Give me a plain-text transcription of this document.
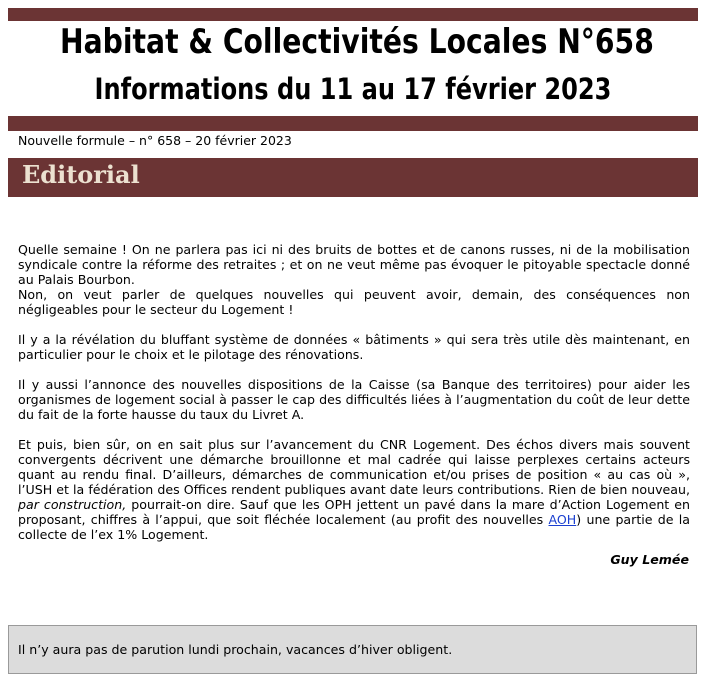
Habitat & Collectivités Locales N°658
Informations du 11 au 17 février 2023
Nouvelle formule – n° 658 – 20 février 2023
Editorial

Quelle semaine ! On ne parlera pas ici ni des bruits de bottes et de canons russes, ni de la mobilisation syndicale contre la réforme des retraites ; et on ne veut même pas évoquer le pitoyable spectacle donné au Palais Bourbon.

Non, on veut parler de quelques nouvelles qui peuvent avoir, demain, des conséquences non négligeables pour le secteur du Logement !

Il y a la révélation du bluffant système de données « bâtiments » qui sera très utile dès maintenant, en particulier pour le choix et le pilotage des rénovations.

Il y aussi l’annonce des nouvelles dispositions de la Caisse (sa Banque des territoires) pour aider les organismes de logement social à passer le cap des difficultés liées à l’augmentation du coût de leur dette du fait de la forte hausse du taux du Livret A.

Et puis, bien sûr, on en sait plus sur l’avancement du CNR Logement. Des échos divers mais souvent convergents décrivent une démarche brouillonne et mal cadrée qui laisse perplexes certains acteurs quant au rendu final. D’ailleurs, démarches de communication et/ou prises de position « au cas où », l’USH et la fédération des Offices rendent publiques avant date leurs contributions. Rien de bien nouveau, par construction, pourrait-on dire. Sauf que les OPH jettent un pavé dans la mare d’Action Logement en proposant, chiffres à l’appui, que soit fléchée localement (au profit des nouvelles AOH) une partie de la collecte de l’ex 1% Logement.

Guy Lemée
Il n’y aura pas de parution lundi prochain, vacances d’hiver obligent.
